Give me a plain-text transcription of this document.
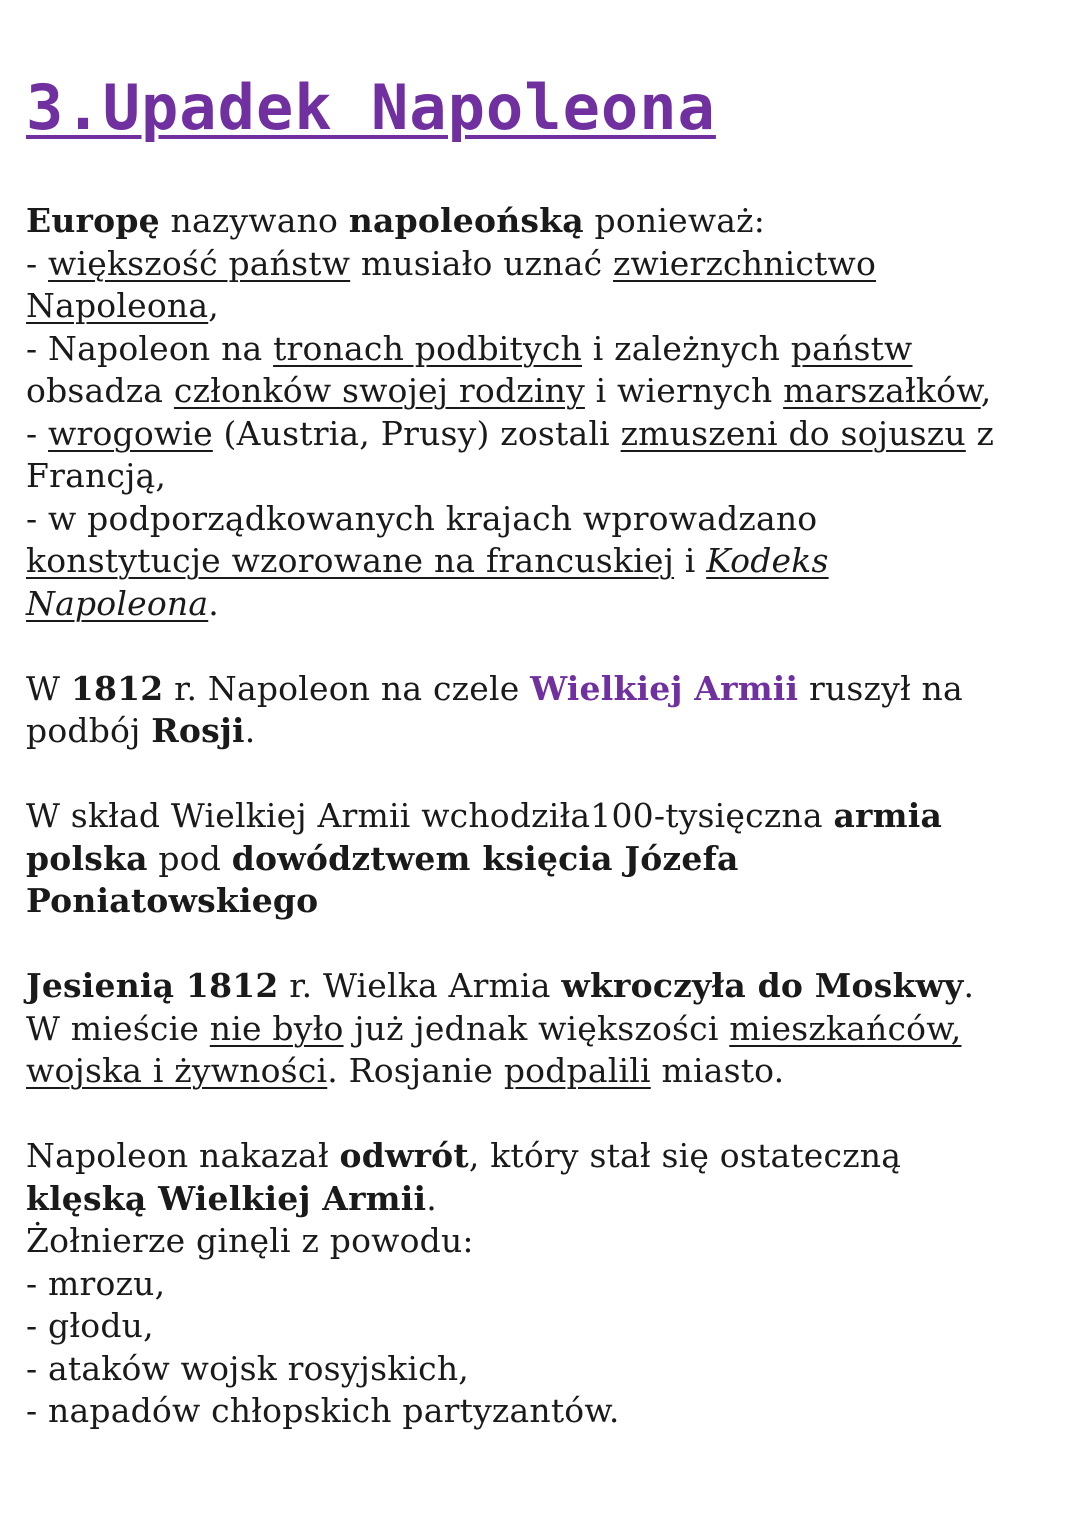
3.Upadek Napoleona

Europę nazywano napoleońską ponieważ:

- większość państw musiało uznać zwierzchnictwo

Napoleona,

- Napoleon na tronach podbitych i zależnych państw

obsadza członków swojej rodziny i wiernych marszałków,

- wrogowie (Austria, Prusy) zostali zmuszeni do sojuszu z

Francją,

- w podporządkowanych krajach wprowadzano

konstytucje wzorowane na francuskiej i Kodeks

Napoleona.

W 1812 r. Napoleon na czele Wielkiej Armii ruszył na

podbój Rosji.

W skład Wielkiej Armii wchodziła100-tysięczna armia

polska pod dowództwem księcia Józefa

Poniatowskiego

Jesienią 1812 r. Wielka Armia wkroczyła do Moskwy.

W mieście nie było już jednak większości mieszkańców,

wojska i żywności. Rosjanie podpalili miasto.

Napoleon nakazał odwrót, który stał się ostateczną

klęską Wielkiej Armii.

Żołnierze ginęli z powodu:

- mrozu,

- głodu,

- ataków wojsk rosyjskich,

- napadów chłopskich partyzantów.
